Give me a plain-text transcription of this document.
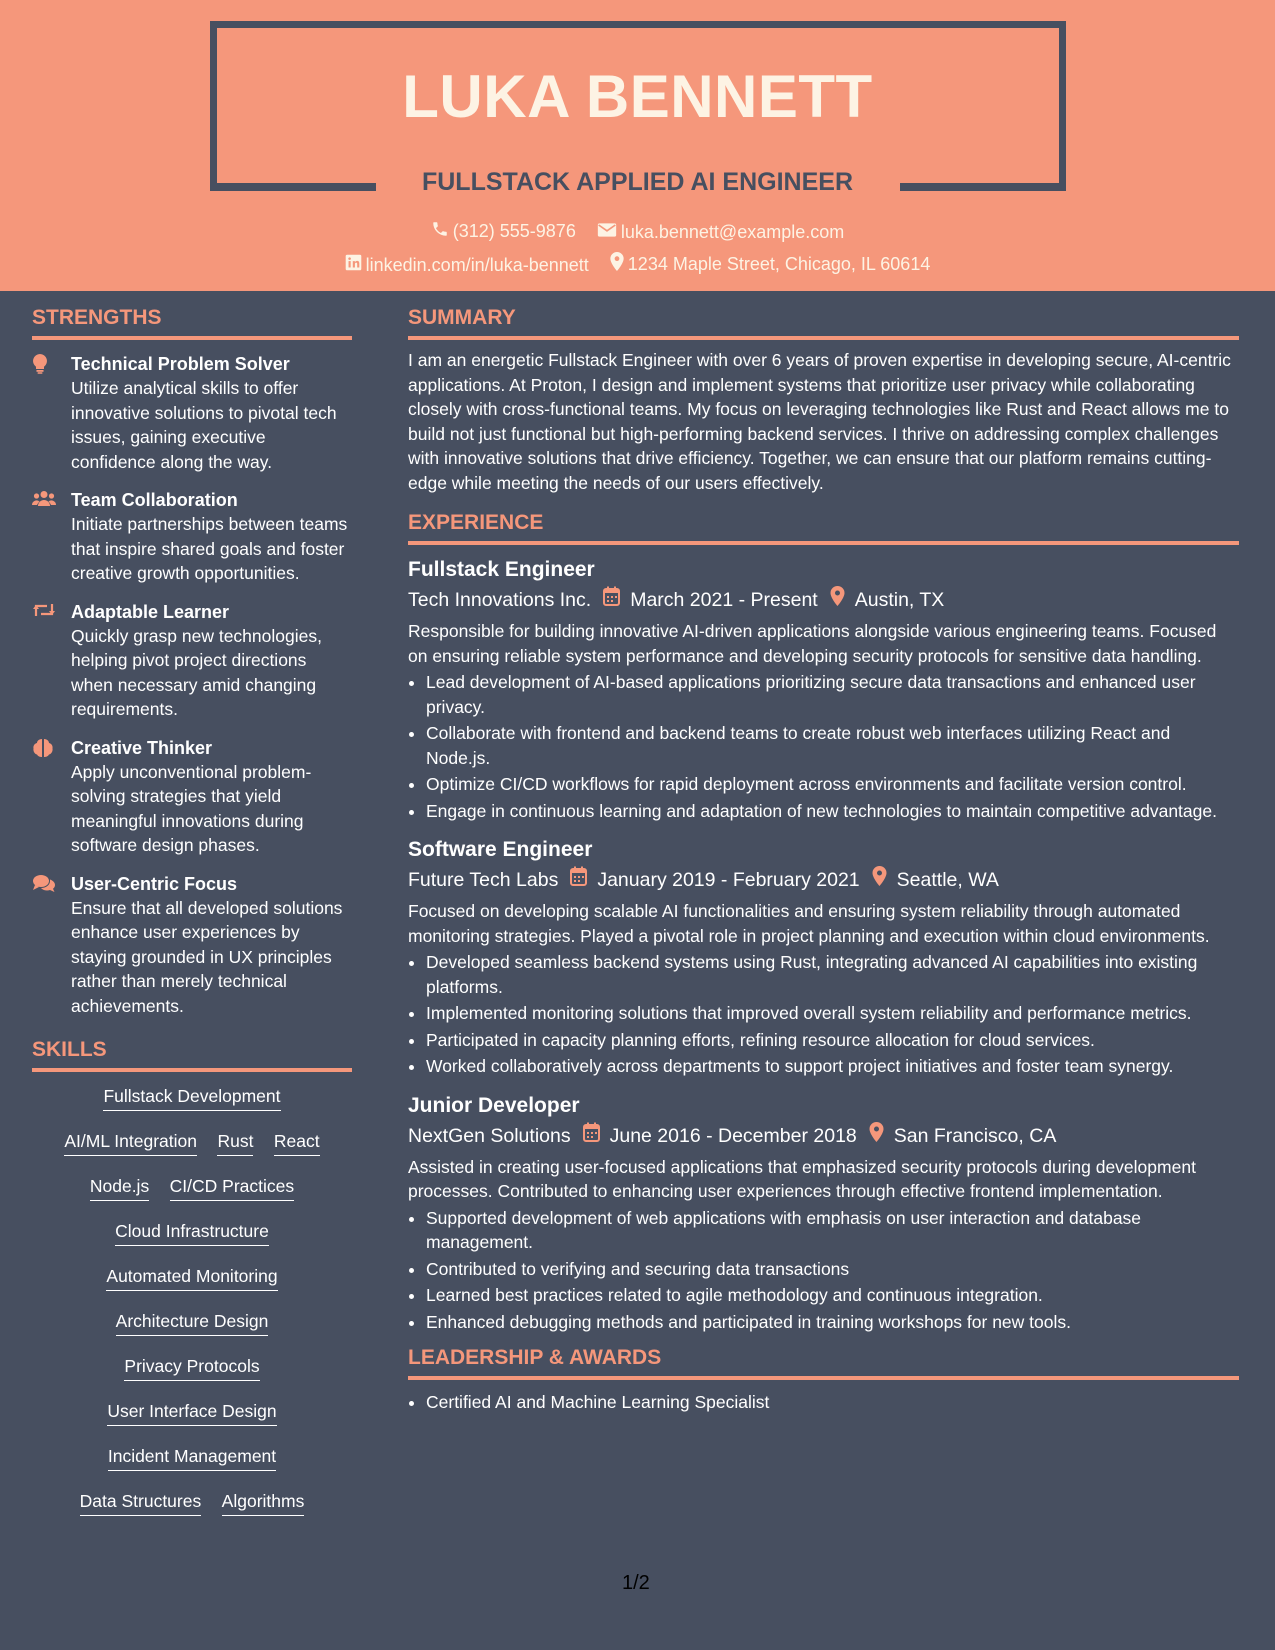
LUKA BENNETT
FULLSTACK APPLIED AI ENGINEER
(312) 555-9876
	luka.bennett@example.com
linkedin.com/in/luka-bennett
1234 Maple Street, Chicago, IL 60614
STRENGTHS
Technical Problem Solver
Utilize analytical skills to offer innovative solutions to pivotal tech issues, gaining executive confidence along the way.
Team Collaboration
Initiate partnerships between teams that inspire shared goals and foster creative growth opportunities.
Adaptable Learner
Quickly grasp new technologies, helping pivot project directions when necessary amid changing requirements.
Creative Thinker
Apply unconventional problem-solving strategies that yield meaningful innovations during software design phases.
User-Centric Focus
Ensure that all developed solutions enhance user experiences by staying grounded in UX principles rather than merely technical achievements.
SKILLS
Fullstack Development
AI/ML Integration Rust React
Node.js CI/CD Practices
Cloud Infrastructure
Automated Monitoring
Architecture Design
Privacy Protocols
User Interface Design
Incident Management
Data Structures Algorithms
SUMMARY
I am an energetic Fullstack Engineer with over 6 years of proven expertise in developing secure, AI-centric applications. At Proton, I design and implement systems that prioritize user privacy while collaborating closely with cross-functional teams. My focus on leveraging technologies like Rust and React allows me to build not just functional but high-performing backend services. I thrive on addressing complex challenges with innovative solutions that drive efficiency. Together, we can ensure that our platform remains cutting-edge while meeting the needs of our users effectively.
EXPERIENCE
Fullstack Engineer
Tech Innovations Inc. March 2021 - Present Austin, TX
Responsible for building innovative AI-driven applications alongside various engineering teams. Focused on ensuring reliable system performance and developing security protocols for sensitive data handling.
• Lead development of AI-based applications prioritizing secure data transactions and enhanced user privacy.
• Collaborate with frontend and backend teams to create robust web interfaces utilizing React and Node.js.
• Optimize CI/CD workflows for rapid deployment across environments and facilitate version control.
• Engage in continuous learning and adaptation of new technologies to maintain competitive advantage.
Software Engineer
Future Tech Labs January 2019 - February 2021 Seattle, WA
Focused on developing scalable AI functionalities and ensuring system reliability through automated monitoring strategies. Played a pivotal role in project planning and execution within cloud environments.
• Developed seamless backend systems using Rust, integrating advanced AI capabilities into existing platforms.
• Implemented monitoring solutions that improved overall system reliability and performance metrics.
• Participated in capacity planning efforts, refining resource allocation for cloud services.
• Worked collaboratively across departments to support project initiatives and foster team synergy.
Junior Developer
NextGen Solutions June 2016 - December 2018 San Francisco, CA
Assisted in creating user-focused applications that emphasized security protocols during development processes. Contributed to enhancing user experiences through effective frontend implementation.
• Supported development of web applications with emphasis on user interaction and database management.
• Contributed to verifying and securing data transactions
• Learned best practices related to agile methodology and continuous integration.
• Enhanced debugging methods and participated in training workshops for new tools.
LEADERSHIP & AWARDS
• Certified AI and Machine Learning Specialist
1/2
